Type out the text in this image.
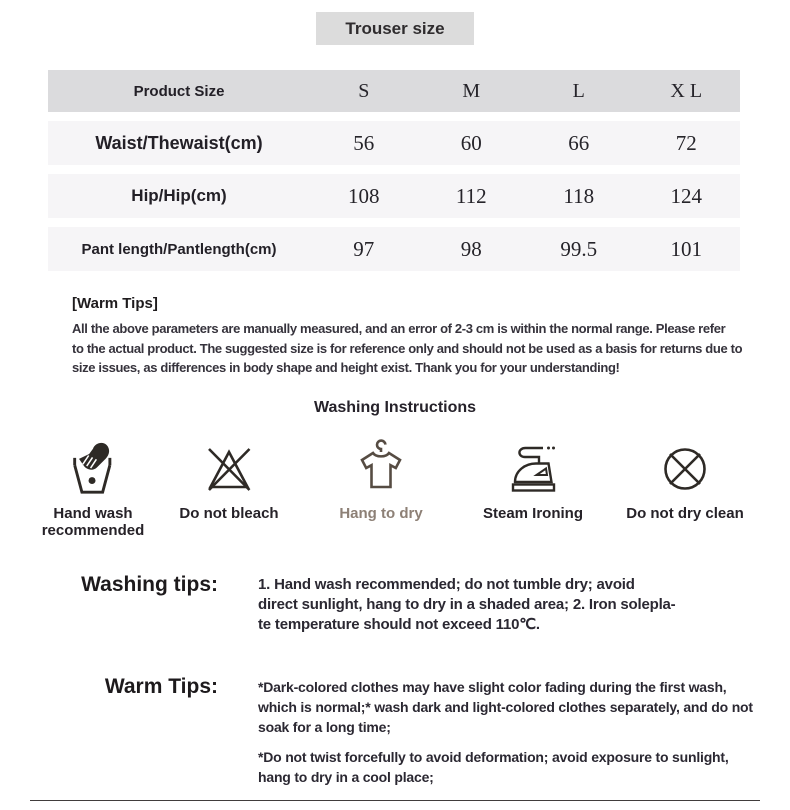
Trouser size
Product Size	S	M	L	X L
Waist/Thewaist(cm)	56	60	66	72
Hip/Hip(cm)	108	112	118	124
Pant length/Pantlength(cm)	97	98	99.5	101
[Warm Tips]
All the above parameters are manually measured, and an error of 2-3 cm is within the normal range. Please refer
to the actual product. The suggested size is for reference only and should not be used as a basis for returns due to
size issues, as differences in body shape and height exist. Thank you for your understanding!
Washing Instructions
Hand wash recommended
Do not bleach	Hang to dry	Steam Ironing	Do not dry clean
Washing tips:	1. Hand wash recommended; do not tumble dry; avoid
direct sunlight, hang to dry in a shaded area; 2. Iron solepla-
te temperature should not exceed 110℃.
Warm Tips:	*Dark-colored clothes may have slight color fading during the first wash,
which is normal;* wash dark and light-colored clothes separately, and do not
soak for a long time;
*Do not twist forcefully to avoid deformation; avoid exposure to sunlight,
hang to dry in a cool place;
